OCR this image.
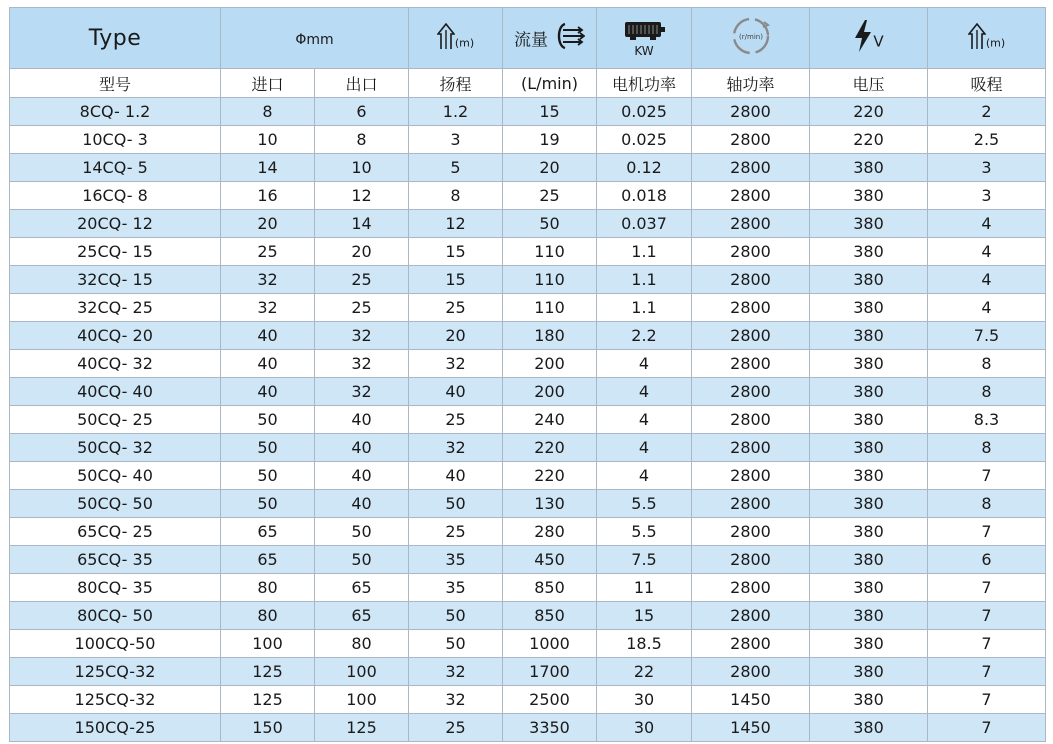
Type	Φmm		$_{(m)}$	流量	KW	(r/min)	V	$_{(m)}$
型号	进口	出口	扬程	(L/min)	电机功率	轴功率	电压	吸程
8CQ- 1.2	8	6	1.2	15	0.025	2800	220	2
10CQ- 3	10	8	3	19	0.025	2800	220	2.5
14CQ- 5	14	10	5	20	0.12	2800	380	3
16CQ- 8	16	12	8	25	0.018	2800	380	3
20CQ- 12	20	14	12	50	0.037	2800	380	4
25CQ- 15	25	20	15	110	1.1	2800	380	4
32CQ- 15	32	25	15	110	1.1	2800	380	4
32CQ- 25	32	25	25	110	1.1	2800	380	4
40CQ- 20	40	32	20	180	2.2	2800	380	7.5
40CQ- 32	40	32	32	200	4	2800	380	8
40CQ- 40	40	32	40	200	4	2800	380	8
50CQ- 25	50	40	25	240	4	2800	380	8.3
50CQ- 32	50	40	32	220	4	2800	380	8
50CQ- 40	50	40	40	220	4	2800	380	7
50CQ- 50	50	40	50	130	5.5	2800	380	8
65CQ- 25	65	50	25	280	5.5	2800	380	7
65CQ- 35	65	50	35	450	7.5	2800	380	6
80CQ- 35	80	65	35	850	11	2800	380	7
80CQ- 50	80	65	50	850	15	2800	380	7
100CQ-50	100	80	50	1000	18.5	2800	380	7
125CQ-32	125	100	32	1700	22	2800	380	7
125CQ-32	125	100	32	2500	30	1450	380	7
150CQ-25	150	125	25	3350	30	1450	380	7
